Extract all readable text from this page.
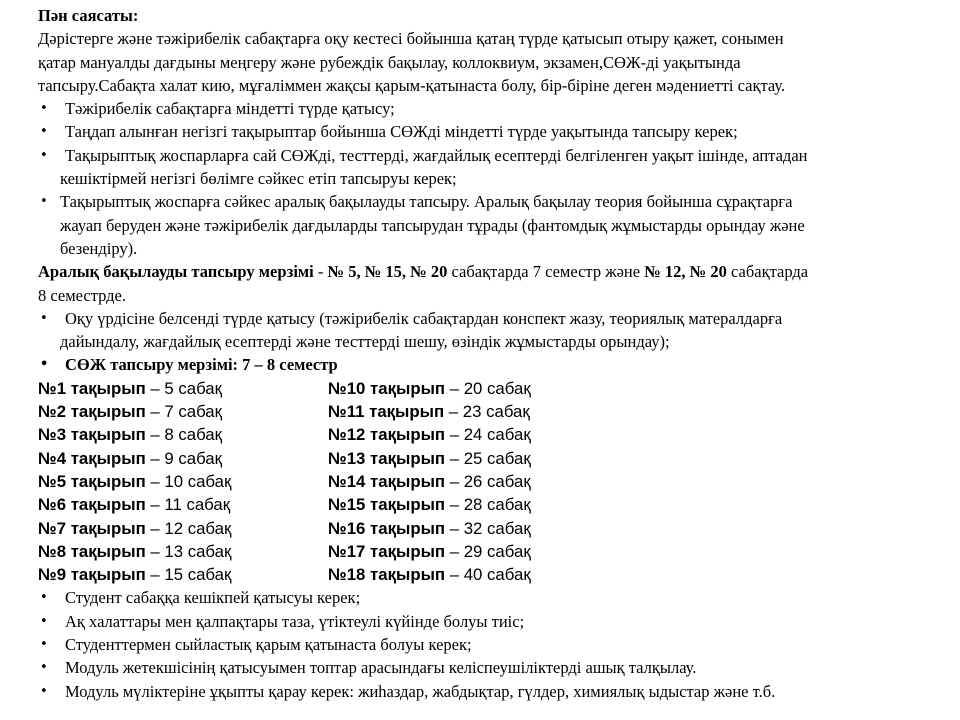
Пән саясаты:
Дәрістерге және тәжірибелік сабақтарға оқу кестесі бойынша қатаң түрде қатысып отыру қажет, сонымен
қатар мануалды дағдыны меңгеру және рубеждік бақылау, коллоквиум, экзамен,СӨЖ-ді уақытында
тапсыру.Сабақта халат кию, мұғаліммен жақсы қарым-қатынаста болу, бір-біріне деген мәдениетті сақтау.
• Тәжірибелік сабақтарға міндетті түрде қатысу;
• Таңдап алынған негізгі тақырыптар бойынша СӨЖді міндетті түрде уақытында тапсыру керек;
• Тақырыптық жоспарларға сай СӨЖді, тесттерді, жағдайлық есептерді белгіленген уақыт ішінде, аптадан
кешіктірмей негізгі бөлімге сәйкес етіп тапсыруы керек;
• Тақырыптық жоспарға сәйкес аралық бақылауды тапсыру. Аралық бақылау теория бойынша сұрақтарға
жауап беруден және тәжірибелік дағдыларды тапсырудан тұрады (фантомдық жұмыстарды орындау және
безендіру).
Аралық бақылауды тапсыру мерзімі - № 5, № 15, № 20 сабақтарда 7 семестр және № 12, № 20 сабақтарда
8 семестрде.
• Оқу үрдісіне белсенді түрде қатысу (тәжірибелік сабақтардан конспект жазу, теориялық матералдарға
дайындалу, жағдайлық есептерді және тесттерді шешу, өзіндік жұмыстарды орындау);
• СӨЖ тапсыру мерзімі: 7 – 8 семестр
№1 тақырып – 5 сабақ	№10 тақырып – 20 сабақ
№2 тақырып – 7 сабақ	№11 тақырып – 23 сабақ
№3 тақырып – 8 сабақ	№12 тақырып – 24 сабақ
№4 тақырып – 9 сабақ	№13 тақырып – 25 сабақ
№5 тақырып – 10 сабақ	№14 тақырып – 26 сабақ
№6 тақырып – 11 сабақ	№15 тақырып – 28 сабақ
№7 тақырып – 12 сабақ	№16 тақырып – 32 сабақ
№8 тақырып – 13 сабақ	№17 тақырып – 29 сабақ
№9 тақырып – 15 сабақ	№18 тақырып – 40 сабақ
• Студент сабаққа кешікпей қатысуы керек;
• Ақ халаттары мен қалпақтары таза, үтіктеулі күйінде болуы тиіс;
• Студенттермен сыйластық қарым қатынаста болуы керек;
• Модуль жетекшісінің қатысуымен топтар арасындағы келіспеушіліктерді ашық талқылау.
• Модуль мүліктеріне ұқыпты қарау керек: жиһаздар, жабдықтар, гүлдер, химиялық ыдыстар және т.б.
